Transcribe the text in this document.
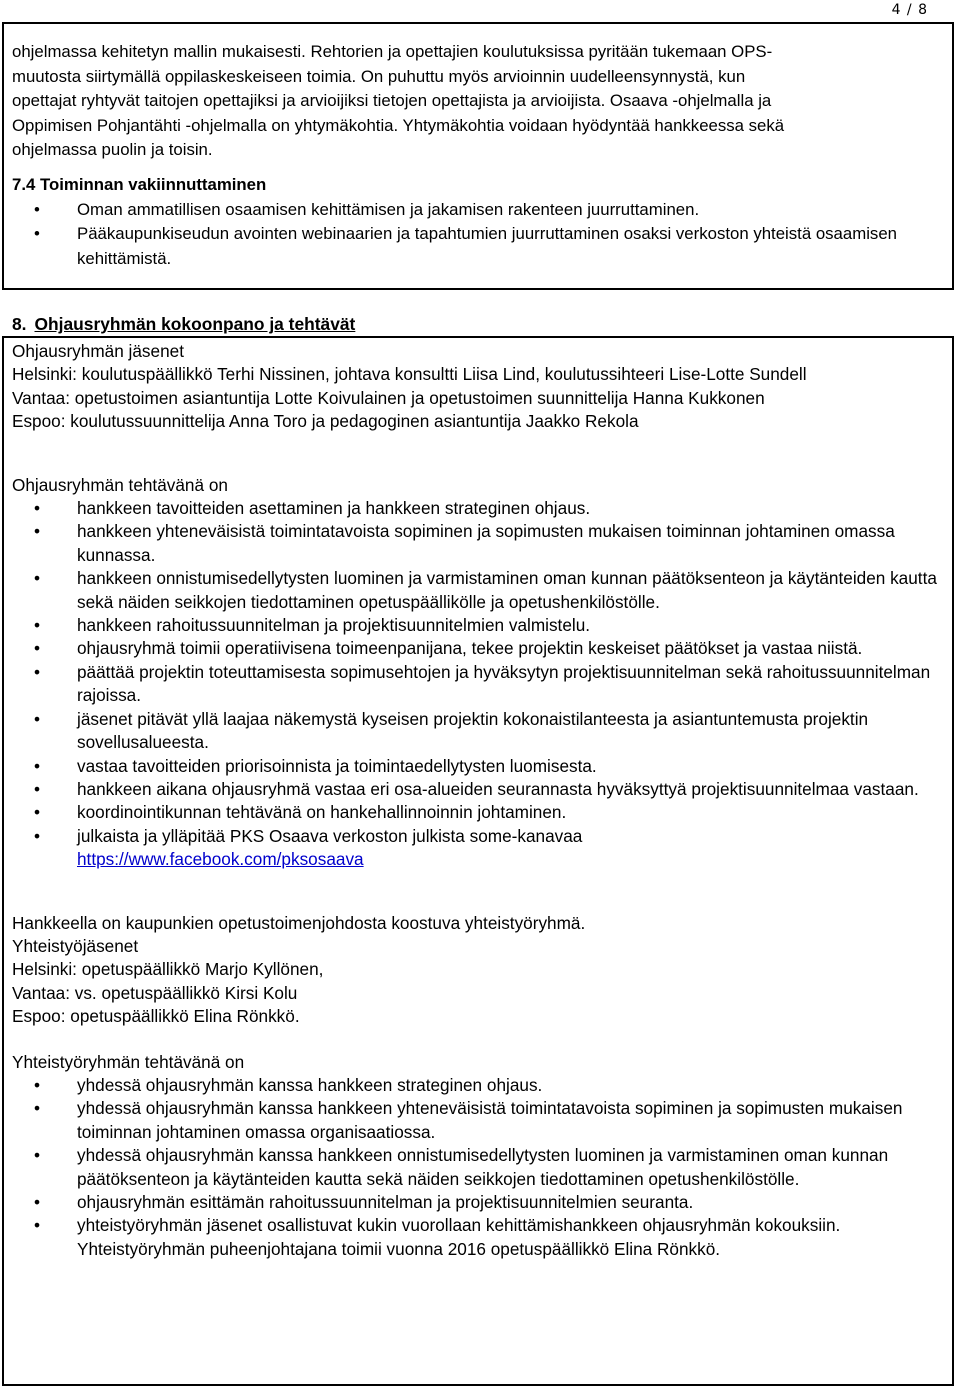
4 / 8

ohjelmassa kehitetyn mallin mukaisesti. Rehtorien ja opettajien koulutuksissa pyritään tukemaan OPS-

muutosta siirtymällä oppilaskeskeiseen toimia. On puhuttu myös arvioinnin uudelleensynnystä, kun

opettajat ryhtyvät taitojen opettajiksi ja arvioijiksi tietojen opettajista ja arvioijista. Osaava -ohjelmalla ja

Oppimisen Pohjantähti -ohjelmalla on yhtymäkohtia. Yhtymäkohtia voidaan hyödyntää hankkeessa sekä

ohjelmassa puolin ja toisin.

7.4 Toiminnan vakiinnuttaminen

• Oman ammatillisen osaamisen kehittämisen ja jakamisen rakenteen juurruttaminen.
• Pääkaupunkiseudun avointen webinaarien ja tapahtumien juurruttaminen osaksi verkoston yhteistä osaamisen kehittämistä.
8. Ohjausryhmän kokoonpano ja tehtävät

Ohjausryhmän jäsenet

Helsinki: koulutuspäällikkö Terhi Nissinen, johtava konsultti Liisa Lind, koulutussihteeri Lise-Lotte Sundell

Vantaa: opetustoimen asiantuntija Lotte Koivulainen ja opetustoimen suunnittelija Hanna Kukkonen

Espoo: koulutussuunnittelija Anna Toro ja pedagoginen asiantuntija Jaakko Rekola

Ohjausryhmän tehtävänä on

• hankkeen tavoitteiden asettaminen ja hankkeen strateginen ohjaus.
• hankkeen yhteneväisistä toimintatavoista sopiminen ja sopimusten mukaisen toiminnan johtaminen omassa kunnassa.
• hankkeen onnistumisedellytysten luominen ja varmistaminen oman kunnan päätöksenteon ja käytänteiden kautta sekä näiden seikkojen tiedottaminen opetuspäällikölle ja opetushenkilöstölle.
• hankkeen rahoitussuunnitelman ja projektisuunnitelmien valmistelu.
• ohjausryhmä toimii operatiivisena toimeenpanijana, tekee projektin keskeiset päätökset ja vastaa niistä.
• päättää projektin toteuttamisesta sopimusehtojen ja hyväksytyn projektisuunnitelman sekä rahoitussuunnitelman rajoissa.
• jäsenet pitävät yllä laajaa näkemystä kyseisen projektin kokonaistilanteesta ja asiantuntemusta projektin sovellusalueesta.
• vastaa tavoitteiden priorisoinnista ja toimintaedellytysten luomisesta.
• hankkeen aikana ohjausryhmä vastaa eri osa-alueiden seurannasta hyväksyttyä projektisuunnitelmaa vastaan.
• koordinointikunnan tehtävänä on hankehallinnoinnin johtaminen.
• julkaista ja ylläpitää PKS Osaava verkoston julkista some-kanavaa
https://www.facebook.com/pksosaava

Hankkeella on kaupunkien opetustoimenjohdosta koostuva yhteistyöryhmä.

Yhteistyöjäsenet

Helsinki: opetuspäällikkö Marjo Kyllönen,

Vantaa: vs. opetuspäällikkö Kirsi Kolu

Espoo: opetuspäällikkö Elina Rönkkö.

Yhteistyöryhmän tehtävänä on

• yhdessä ohjausryhmän kanssa hankkeen strateginen ohjaus.
• yhdessä ohjausryhmän kanssa hankkeen yhteneväisistä toimintatavoista sopiminen ja sopimusten mukaisen toiminnan johtaminen omassa organisaatiossa.
• yhdessä ohjausryhmän kanssa hankkeen onnistumisedellytysten luominen ja varmistaminen oman kunnan päätöksenteon ja käytänteiden kautta sekä näiden seikkojen tiedottaminen opetushenkilöstölle.
• ohjausryhmän esittämän rahoitussuunnitelman ja projektisuunnitelmien seuranta.
• yhteistyöryhmän jäsenet osallistuvat kukin vuorollaan kehittämishankkeen ohjausryhmän kokouksiin. Yhteistyöryhmän puheenjohtajana toimii vuonna 2016 opetuspäällikkö Elina Rönkkö.
